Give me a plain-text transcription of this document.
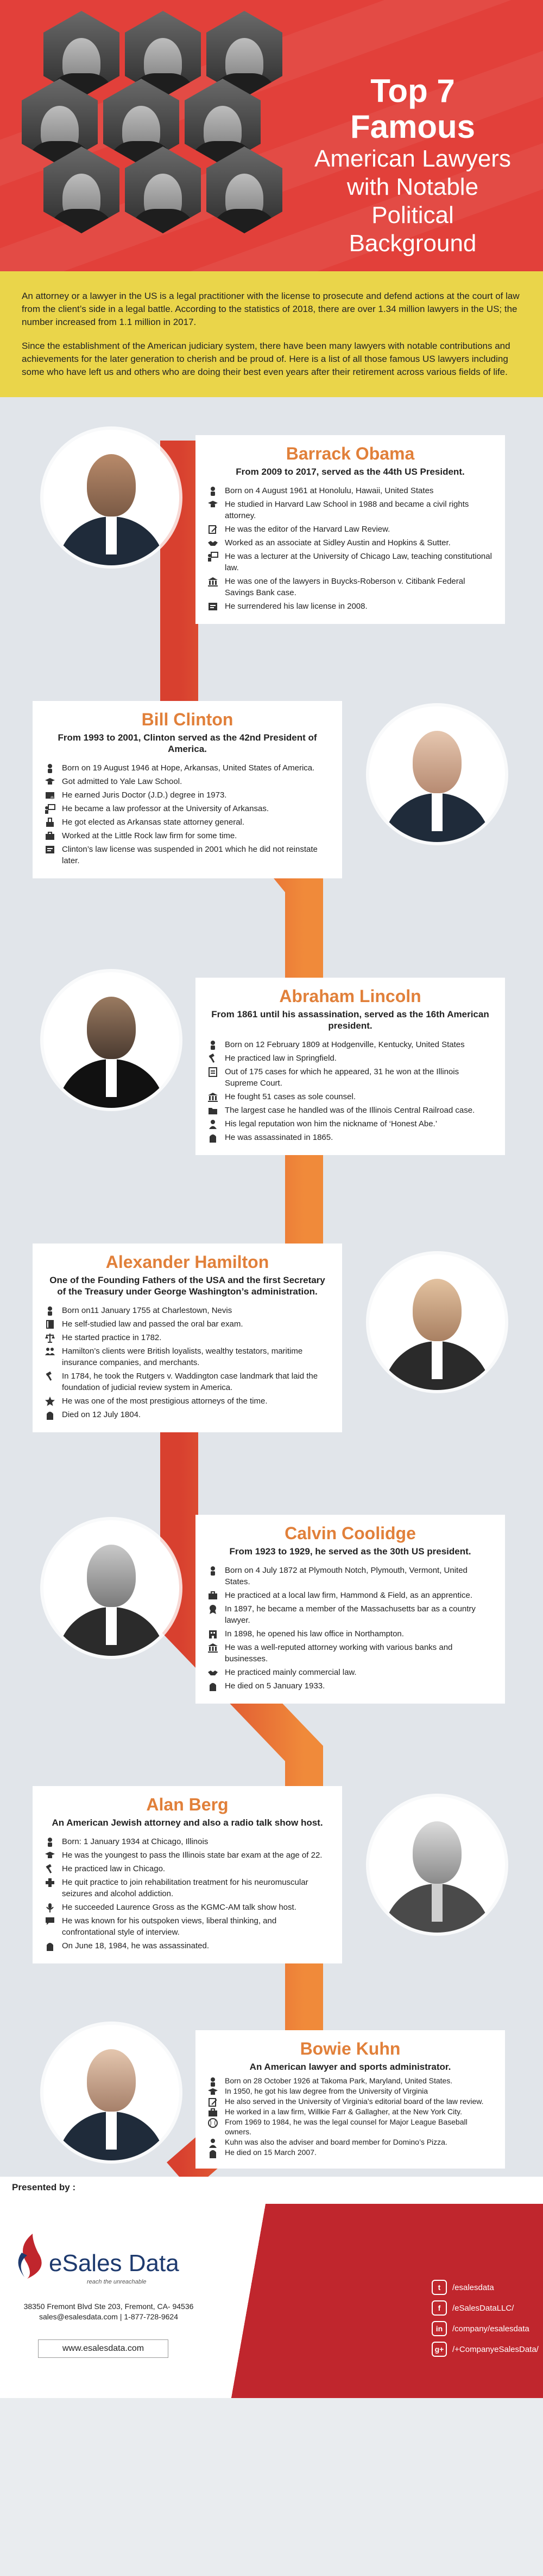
Top 7 Famous
American Lawyers
with Notable Political
Background

An attorney or a lawyer in the US is a legal practitioner with the license to prosecute and defend actions at the court of law from the client’s side in a legal battle. According to the statistics of 2018, there are over 1.34 million lawyers in the US; the number increased from 1.1 million in 2017.

Since the establishment of the American judiciary system, there have been many lawyers with notable contributions and achievements for the later generation to cherish and be proud of. Here is a list of all those famous US lawyers including some who have left us and others who are doing their best even years after their retirement across various fields of life.

Barrack Obama
From 2009 to 2017, served as the 44th US President.
Born on 4 August 1961 at Honolulu, Hawaii, United States
He studied in Harvard Law School in 1988 and became a civil rights attorney.
He was the editor of the Harvard Law Review.
Worked as an associate at Sidley Austin and Hopkins & Sutter.
He was a lecturer at the University of Chicago Law, teaching constitutional law.
He was one of the lawyers in Buycks-Roberson v. Citibank Federal Savings Bank case.
He surrendered his law license in 2008.
Bill Clinton
From 1993 to 2001, Clinton served as the 42nd President of America.
Born on 19 August 1946 at Hope, Arkansas, United States of America.
Got admitted to Yale Law School.
He earned Juris Doctor (J.D.) degree in 1973.
He became a law professor at the University of Arkansas.
He got elected as Arkansas state attorney general.
Worked at the Little Rock law firm for some time.
Clinton’s law license was suspended in 2001 which he did not reinstate later.
Abraham Lincoln
From 1861 until his assassination, served as the 16th American president.
Born on 12 February 1809 at Hodgenville, Kentucky, United States
He practiced law in Springfield.
Out of 175 cases for which he appeared, 31 he won at the Illinois Supreme Court.
He fought 51 cases as sole counsel.
The largest case he handled was of the Illinois Central Railroad case.
His legal reputation won him the nickname of ‘Honest Abe.’
He was assassinated in 1865.
Alexander Hamilton
One of the Founding Fathers of the USA and the first Secretary of the Treasury under George Washington’s administration.
Born on11 January 1755 at Charlestown, Nevis
He self-studied law and passed the oral bar exam.
He started practice in 1782.
Hamilton’s clients were British loyalists, wealthy testators, maritime insurance companies, and merchants.
In 1784, he took the Rutgers v. Waddington case landmark that laid the foundation of judicial review system in America.
He was one of the most prestigious attorneys of the time.
Died on 12 July 1804.
Calvin Coolidge
From 1923 to 1929, he served as the 30th US president.
Born on 4 July 1872 at Plymouth Notch, Plymouth, Vermont, United States.
He practiced at a local law firm, Hammond & Field, as an apprentice.
In 1897, he became a member of the Massachusetts bar as a country lawyer.
In 1898, he opened his law office in Northampton.
He was a well-reputed attorney working with various banks and businesses.
He practiced mainly commercial law.
He died on 5 January 1933.
Alan Berg
An American Jewish attorney and also a radio talk show host.
Born: 1 January 1934 at Chicago, Illinois
He was the youngest to pass the Illinois state bar exam at the age of 22.
He practiced law in Chicago.
He quit practice to join rehabilitation treatment for his neuromuscular seizures and alcohol addiction.
He succeeded Laurence Gross as the KGMC-AM talk show host.
He was known for his outspoken views, liberal thinking, and confrontational style of interview.
On June 18, 1984, he was assassinated.
Bowie Kuhn
An American lawyer and sports administrator.
Born on 28 October 1926 at Takoma Park, Maryland, United States.
In 1950, he got his law degree from the University of Virginia
He also served in the University of Virginia’s editorial board of the law review.
He worked in a law firm, Willkie Farr & Gallagher, at the New York City.
From 1969 to 1984, he was the legal counsel for Major League Baseball owners.
Kuhn was also the adviser and board member for Domino’s Pizza.
He died on 15 March 2007.
Presented by :
eSales Data
reach the unreachable
38350 Fremont Blvd Ste 203, Fremont, CA- 94536
sales@esalesdata.com | 1-877-728-9624
www.esalesdata.com
t	/esalesdata
f	/eSalesDataLLC/
in	/company/esalesdata
g+	/+CompanyeSalesData/
